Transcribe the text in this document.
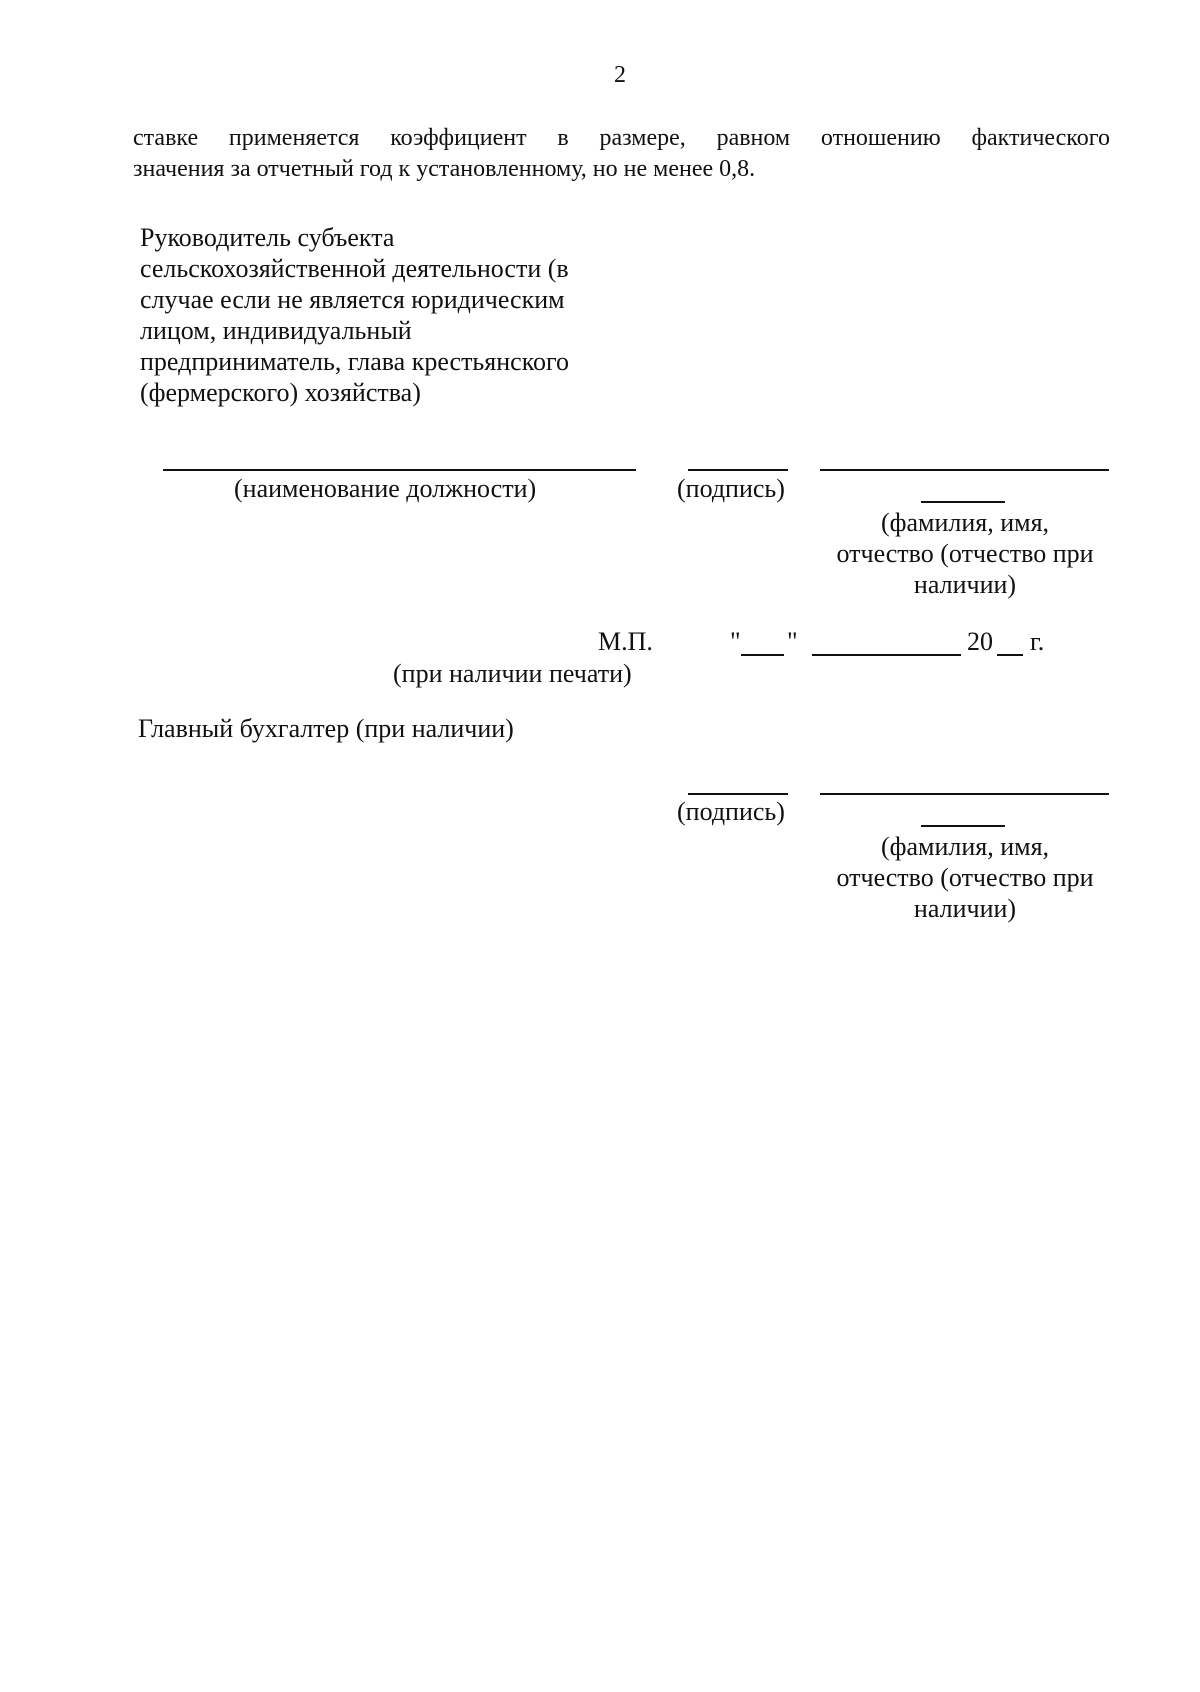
2
ставке применяется коэффициент в размере, равном отношению фактического
значения за отчетный год к установленному, но не менее 0,8.
Руководитель субъекта
сельскохозяйственной деятельности (в
случае если не является юридическим
лицом, индивидуальный
предприниматель, глава крестьянского
(фермерского) хозяйства)
(наименование должности)	(подпись)
(фамилия, имя,
отчество (отчество при
наличии)
М.П.
(при наличии печати)
" "	20 г.
Главный бухгалтер (при наличии)
(подпись)
(фамилия, имя,
отчество (отчество при
наличии)
